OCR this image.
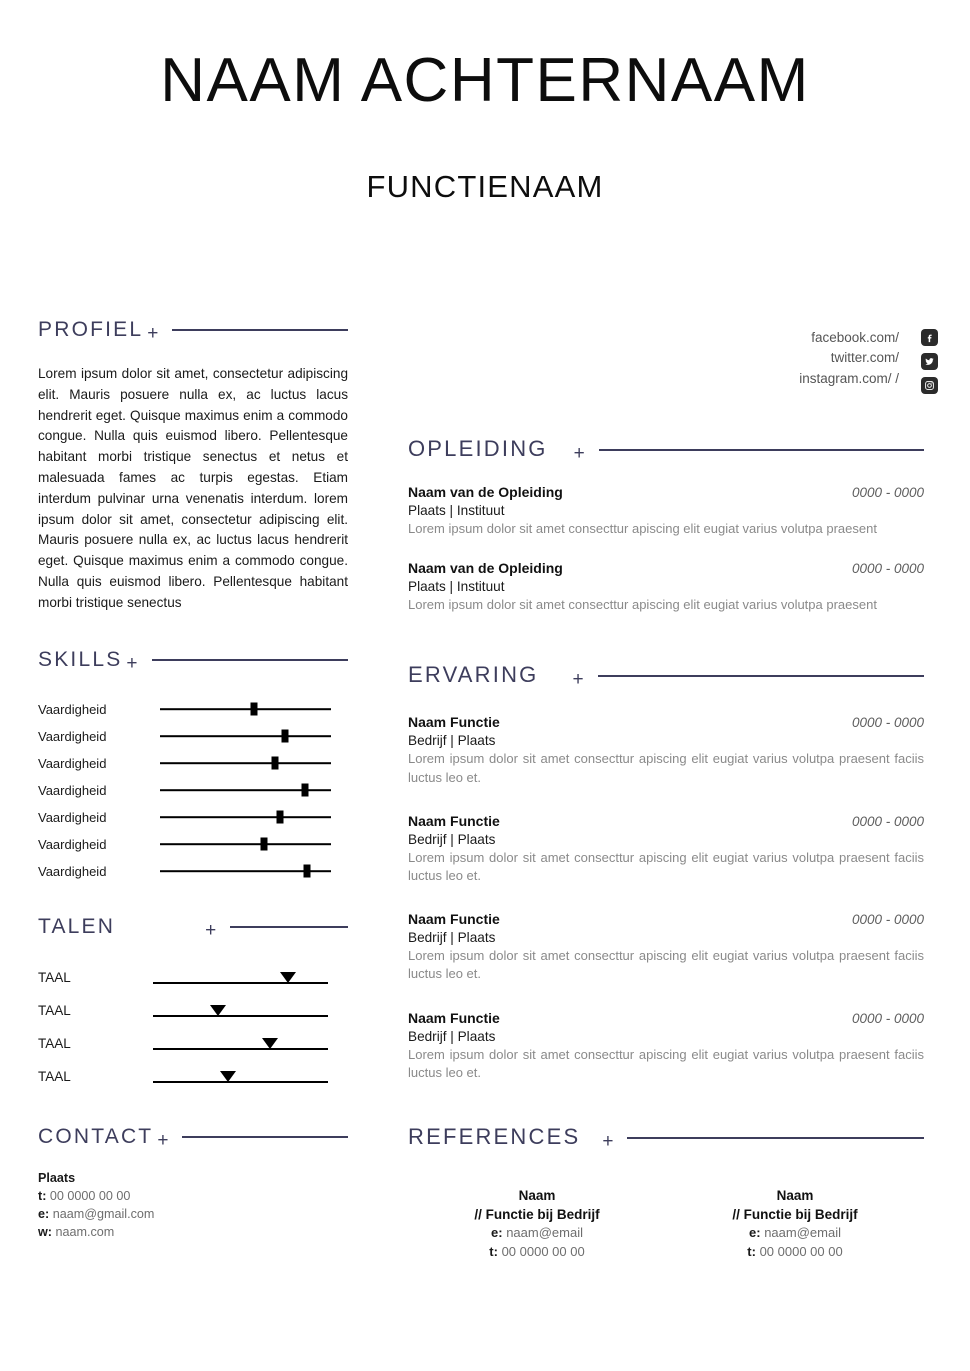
NAAM ACHTERNAAM
FUNCTIENAAM
facebook.com/
twitter.com/
instagram.com/ /
PROFIEL +

Lorem ipsum dolor sit amet, consectetur adipiscing elit. Mauris posuere nulla ex, ac luctus lacus hendrerit eget. Quisque maximus enim a commodo congue. Nulla quis euismod libero. Pellentesque habitant morbi tristique senectus et netus et malesuada fames ac turpis egestas. Etiam interdum pulvinar urna venenatis interdum. lorem ipsum dolor sit amet, consectetur adipiscing elit. Mauris posuere nulla ex, ac luctus lacus hendrerit eget. Quisque maximus enim a commodo congue. Nulla quis euismod libero. Pellentesque habitant morbi tristique senectus

SKILLS +
Vaardigheid
Vaardigheid
Vaardigheid
Vaardigheid
Vaardigheid
Vaardigheid
Vaardigheid
TALEN	+
TAAL
TAAL
TAAL
TAAL
CONTACT +
Plaats
t: 00 0000 00 00
e: naam@gmail.com
w: naam.com
OPLEIDING +
Naam van de Opleiding	0000 - 0000
Plaats | Instituut
Lorem ipsum dolor sit amet consecttur apiscing elit eugiat varius volutpa praesent
Naam van de Opleiding	0000 - 0000
Plaats | Instituut
Lorem ipsum dolor sit amet consecttur apiscing elit eugiat varius volutpa praesent
ERVARING +
Naam Functie	0000 - 0000
Bedrijf | Plaats
Lorem ipsum dolor sit amet consecttur apiscing elit eugiat varius volutpa praesent faciis luctus leo et.
Naam Functie	0000 - 0000
Bedrijf | Plaats
Lorem ipsum dolor sit amet consecttur apiscing elit eugiat varius volutpa praesent faciis luctus leo et.
Naam Functie	0000 - 0000
Bedrijf | Plaats
Lorem ipsum dolor sit amet consecttur apiscing elit eugiat varius volutpa praesent faciis luctus leo et.
Naam Functie	0000 - 0000
Bedrijf | Plaats
Lorem ipsum dolor sit amet consecttur apiscing elit eugiat varius volutpa praesent faciis luctus leo et.
REFERENCES +
Naam
// Functie bij Bedrijf
e: naam@email
t: 00 0000 00 00
Naam
// Functie bij Bedrijf
e: naam@email
t: 00 0000 00 00
